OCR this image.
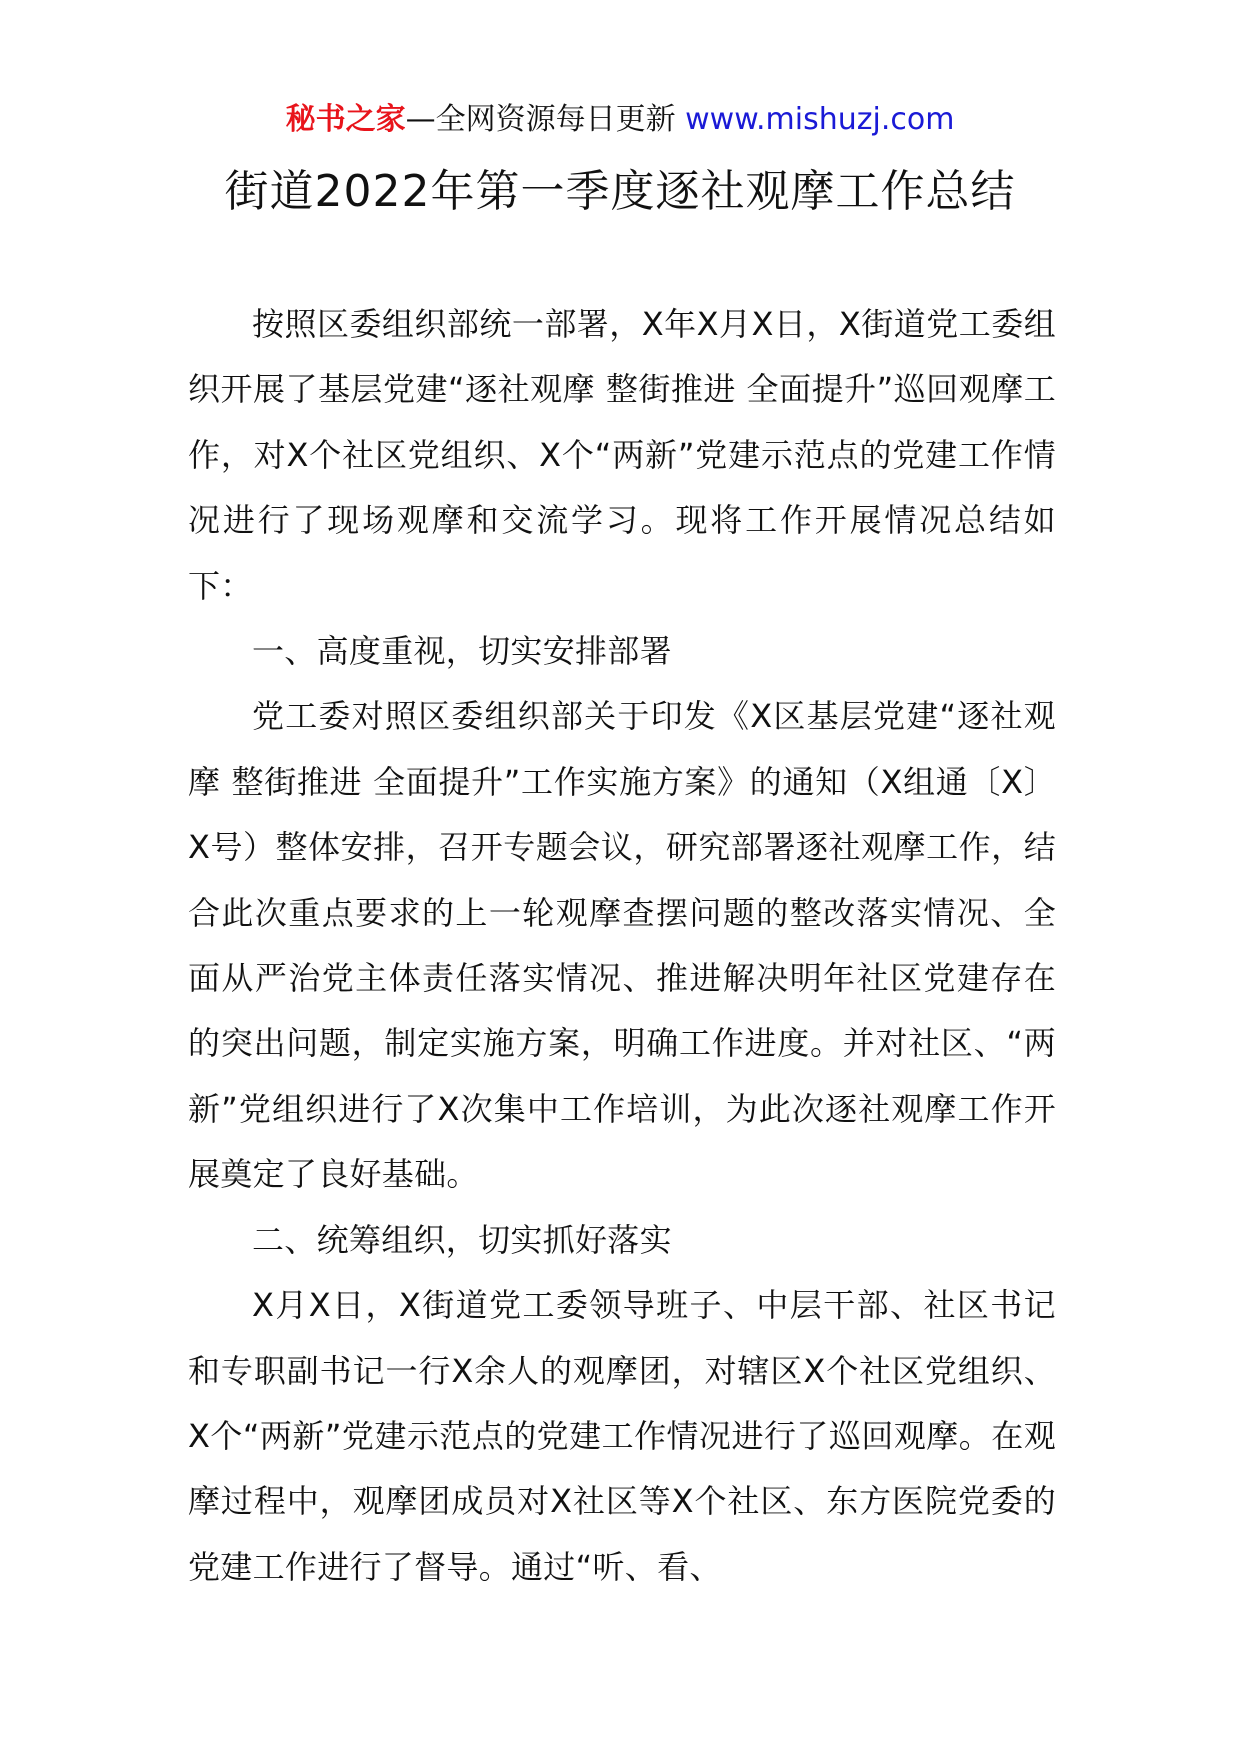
秘书之家—全网资源每日更新 www.mishuzj.com
街道2022年第一季度逐社观摩工作总结

按照区委组织部统一部署，X年X月X日，X街道党工委组织开展了基层党建“逐社观摩 整街推进 全面提升”巡回观摩工作，对X个社区党组织、X个“两新”党建示范点的党建工作情况进行了现场观摩和交流学习。现将工作开展情况总结如下：

一、高度重视，切实安排部署

党工委对照区委组织部关于印发《X区基层党建“逐社观摩 整街推进 全面提升”工作实施方案》的通知（X组通〔X〕X号）整体安排，召开专题会议，研究部署逐社观摩工作，结合此次重点要求的上一轮观摩查摆问题的整改落实情况、全面从严治党主体责任落实情况、推进解决明年社区党建存在的突出问题，制定实施方案，明确工作进度。并对社区、“两新”党组织进行了X次集中工作培训，为此次逐社观摩工作开展奠定了良好基础。

二、统筹组织，切实抓好落实

X月X日，X街道党工委领导班子、中层干部、社区书记和专职副书记一行X余人的观摩团，对辖区X个社区党组织、X个“两新”党建示范点的党建工作情况进行了巡回观摩。在观摩过程中，观摩团成员对X社区等X个社区、东方医院党委的党建工作进行了督导。通过“听、看、
